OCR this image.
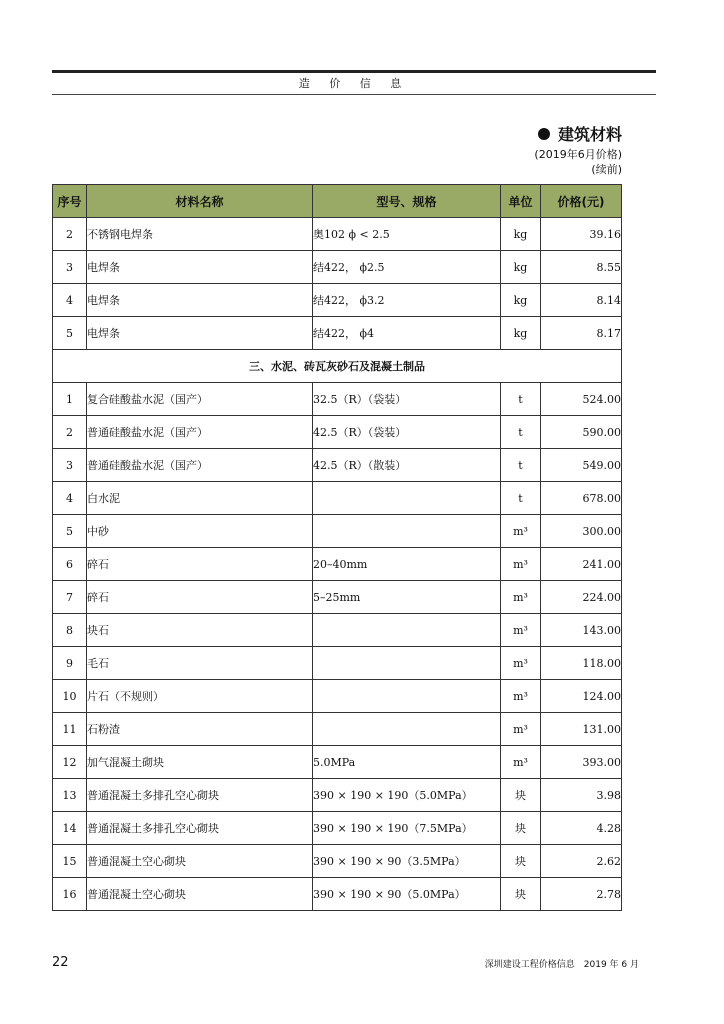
造 价 信 息
建筑材料
(2019年6月价格)
(续前)
序号	材料名称	型号、规格	单位	价格(元)
2	不锈钢电焊条	奥102 ϕ < 2.5	kg	39.16
3	电焊条	结422， ϕ2.5	kg	8.55
4	电焊条	结422， ϕ3.2	kg	8.14
5	电焊条	结422， ϕ4	kg	8.17
三、水泥、砖瓦灰砂石及混凝土制品				
1	复合硅酸盐水泥（国产）	32.5（R）（袋装）	t	524.00
2	普通硅酸盐水泥（国产）	42.5（R）（袋装）	t	590.00
3	普通硅酸盐水泥（国产）	42.5（R）（散装）	t	549.00
4	白水泥		t	678.00
5	中砂		m³	300.00
6	碎石	20–40mm	m³	241.00
7	碎石	5–25mm	m³	224.00
8	块石		m³	143.00
9	毛石		m³	118.00
10	片石（不规则）		m³	124.00
11	石粉渣		m³	131.00
12	加气混凝土砌块	5.0MPa	m³	393.00
13	普通混凝土多排孔空心砌块	390 × 190 × 190（5.0MPa）	块	3.98
14	普通混凝土多排孔空心砌块	390 × 190 × 190（7.5MPa）	块	4.28
15	普通混凝土空心砌块	390 × 190 × 90（3.5MPa）	块	2.62
16	普通混凝土空心砌块	390 × 190 × 90（5.0MPa）	块	2.78
22	深圳建设工程价格信息　2019 年 6 月
